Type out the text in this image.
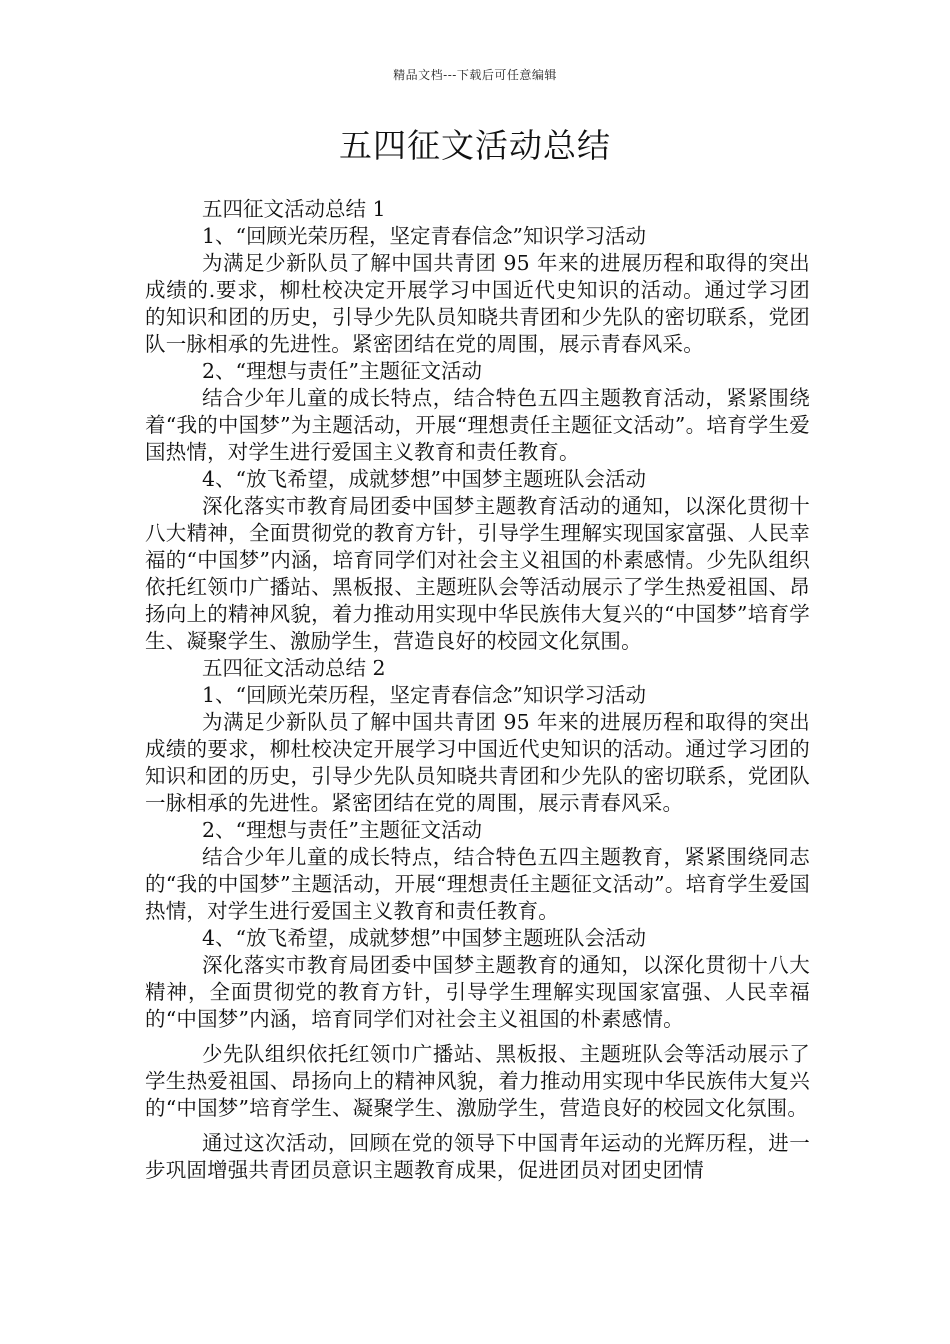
精品文档---下载后可任意编辑
五四征文活动总结
五四征文活动总结 1
1、“回顾光荣历程，坚定青春信念”知识学习活动

为满足少新队员了解中国共青团 95 年来的进展历程和取得的突出成绩的.要求，柳杜校决定开展学习中国近代史知识的活动。通过学习团的知识和团的历史，引导少先队员知晓共青团和少先队的密切联系，党团队一脉相承的先进性。紧密团结在党的周围，展示青春风采。

2、“理想与责任”主题征文活动

结合少年儿童的成长特点，结合特色五四主题教育活动，紧紧围绕着“我的中国梦”为主题活动，开展“理想责任主题征文活动”。培育学生爱国热情，对学生进行爱国主义教育和责任教育。

4、“放飞希望，成就梦想”中国梦主题班队会活动

深化落实市教育局团委中国梦主题教育活动的通知，以深化贯彻十八大精神，全面贯彻党的教育方针，引导学生理解实现国家富强、人民幸福的“中国梦”内涵，培育同学们对社会主义祖国的朴素感情。少先队组织依托红领巾广播站、黑板报、主题班队会等活动展示了学生热爱祖国、昂扬向上的精神风貌，着力推动用实现中华民族伟大复兴的“中国梦”培育学生、凝聚学生、激励学生，营造良好的校园文化氛围。

五四征文活动总结 2
1、“回顾光荣历程，坚定青春信念”知识学习活动

为满足少新队员了解中国共青团 95 年来的进展历程和取得的突出成绩的要求，柳杜校决定开展学习中国近代史知识的活动。通过学习团的知识和团的历史，引导少先队员知晓共青团和少先队的密切联系，党团队一脉相承的先进性。紧密团结在党的周围，展示青春风采。

2、“理想与责任”主题征文活动

结合少年儿童的成长特点，结合特色五四主题教育，紧紧围绕同志的“我的中国梦”主题活动，开展“理想责任主题征文活动”。培育学生爱国热情，对学生进行爱国主义教育和责任教育。

4、“放飞希望，成就梦想”中国梦主题班队会活动

深化落实市教育局团委中国梦主题教育的通知，以深化贯彻十八大精神，全面贯彻党的教育方针，引导学生理解实现国家富强、人民幸福的“中国梦”内涵，培育同学们对社会主义祖国的朴素感情。

少先队组织依托红领巾广播站、黑板报、主题班队会等活动展示了学生热爱祖国、昂扬向上的精神风貌，着力推动用实现中华民族伟大复兴的“中国梦”培育学生、凝聚学生、激励学生，营造良好的校园文化氛围。

通过这次活动，回顾在党的领导下中国青年运动的光辉历程，进一步巩固增强共青团员意识主题教育成果，促进团员对团史团情
